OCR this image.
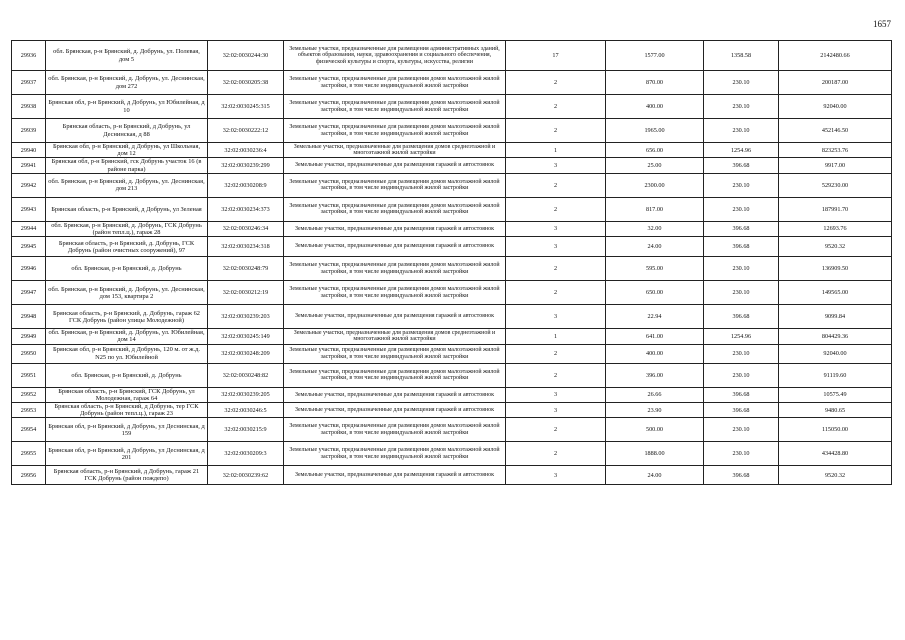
1657
29936	обл. Брянская, р-н Брянский, д. Добрунь, ул. Полевая, дом 5	32:02:0030244:30	Земельные участки, предназначенные для размещения административных зданий, объектов образования, науки, здравоохранения и социального обеспечения, физической культуры и спорта, культуры, искусства, религии	17	1577.00	1358.58	2142480.66
29937	обл. Брянская, р-н Брянский, д. Добрунь, ул. Деснинская, дом 272	32:02:0030205:38	Земельные участки, предназначенные для размещения домов малоэтажной жилой застройки, в том числе индивидуальной жилой застройки	2	870.00	230.10	200187.00
29938	Брянская обл, р-н Брянский, д Добрунь, ул Юбилейная, д 10	32:02:0030245:315	Земельные участки, предназначенные для размещения домов малоэтажной жилой застройки, в том числе индивидуальной жилой застройки	2	400.00	230.10	92040.00
29939	Брянская область, р-н Брянский, д Добрунь, ул Деснинская, д 88	32:02:0030222:12	Земельные участки, предназначенные для размещения домов малоэтажной жилой застройки, в том числе индивидуальной жилой застройки	2	1965.00	230.10	452146.50
29940	Брянская обл, р-н Брянский, д Добрунь, ул Школьная, дом 12	32:02:0030236:4	Земельные участки, предназначенные для размещения домов среднеэтажной и многоэтажной жилой застройки	1	656.00	1254.96	823253.76
29941	Брянская обл, р-н Брянский, гск Добрунь участок 16 (в районе парка)	32:02:0030239:299	Земельные участки, предназначенные для размещения гаражей и автостоянок	3	25.00	396.68	9917.00
29942	обл. Брянская, р-н Брянский, д. Добрунь, ул. Деснинская, дом 213	32:02:0030208:9	Земельные участки, предназначенные для размещения домов малоэтажной жилой застройки, в том числе индивидуальной жилой застройки	2	2300.00	230.10	529230.00
29943	Брянская область, р-н Брянский, д Добрунь, ул Зеленая	32:02:0030234:373	Земельные участки, предназначенные для размещения домов малоэтажной жилой застройки, в том числе индивидуальной жилой застройки	2	817.00	230.10	187991.70
29944	обл. Брянская, р-н Брянский, д. Добрунь, ГСК Добрунь (район тепл.ц.), гараж 28	32:02:0030246:34	Земельные участки, предназначенные для размещения гаражей и автостоянок	3	32.00	396.68	12693.76
29945	Брянская область, р-н Брянский, д. Добрунь, ГСК Добрунь (район очистных сооружений), 97	32:02:0030234:318	Земельные участки, предназначенные для размещения гаражей и автостоянок	3	24.00	396.68	9520.32
29946	обл. Брянская, р-н Брянский, д. Добрунь	32:02:0030248:79	Земельные участки, предназначенные для размещения домов малоэтажной жилой застройки, в том числе индивидуальной жилой застройки	2	595.00	230.10	136909.50
29947	обл. Брянская, р-н Брянский, д. Добрунь, ул. Деснинская, дом 153, квартира 2	32:02:0030212:19	Земельные участки, предназначенные для размещения домов малоэтажной жилой застройки, в том числе индивидуальной жилой застройки	2	650.00	230.10	149565.00
29948	Брянская область, р-н Брянский, д. Добрунь, гараж 62 ГСК Добрунь (район улицы Молодежной)	32:02:0030239:203	Земельные участки, предназначенные для размещения гаражей и автостоянок	3	22.94	396.68	9099.84
29949	обл. Брянская, р-н Брянский, д. Добрунь, ул. Юбилейная, дом 14	32:02:0030245:149	Земельные участки, предназначенные для размещения домов среднеэтажной и многоэтажной жилой застройки	1	641.00	1254.96	804429.36
29950	Брянская обл, р-н Брянский, д Добрунь, 120 м. от ж.д. N25 по ул. Юбилейной	32:02:0030248:209	Земельные участки, предназначенные для размещения домов малоэтажной жилой застройки, в том числе индивидуальной жилой застройки	2	400.00	230.10	92040.00
29951	обл. Брянская, р-н Брянский, д. Добрунь	32:02:0030248:82	Земельные участки, предназначенные для размещения домов малоэтажной жилой застройки, в том числе индивидуальной жилой застройки	2	396.00	230.10	91119.60
29952	Брянская область, р-н Брянский, ГСК Добрунь, ул Молодежная, гараж 64	32:02:0030239:205	Земельные участки, предназначенные для размещения гаражей и автостоянок	3	26.66	396.68	10575.49
29953	Брянская область, р-н Брянский, д Добрунь, тер ГСК Добрунь (район тепл.ц.), гараж 23	32:02:0030246:5	Земельные участки, предназначенные для размещения гаражей и автостоянок	3	23.90	396.68	9480.65
29954	Брянская обл, р-н Брянский, д Добрунь, ул Деснинская, д 159	32:02:0030215:9	Земельные участки, предназначенные для размещения домов малоэтажной жилой застройки, в том числе индивидуальной жилой застройки	2	500.00	230.10	115050.00
29955	Брянская обл, р-н Брянский, д Добрунь, ул Деснинская, д 201	32:02:0030209:3	Земельные участки, предназначенные для размещения домов малоэтажной жилой застройки, в том числе индивидуальной жилой застройки	2	1888.00	230.10	434428.80
29956	Брянская область, р-н Брянский, д Добрунь, гараж 21 ГСК Добрунь (район пождепо)	32:02:0030239:62	Земельные участки, предназначенные для размещения гаражей и автостоянок	3	24.00	396.68	9520.32
